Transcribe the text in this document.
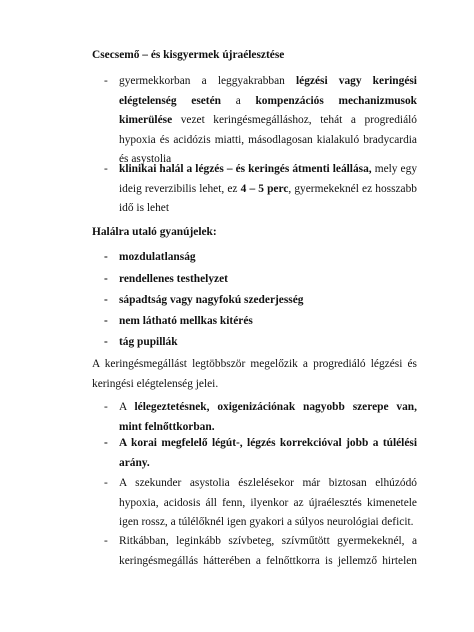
Csecsemő – és kisgyermek újraélesztése
- gyermekkorban a leggyakrabban légzési vagy keringési elégtelenség esetén a kompenzációs mechanizmusok kimerülése vezet keringésmegálláshoz, tehát a progrediáló hypoxia és acidózis miatti, másodlagosan kialakuló bradycardia és asystolia
- klinikai halál a légzés – és keringés átmenti leállása, mely egy ideig reverzibilis lehet, ez 4 – 5 perc, gyermekeknél ez hosszabb idő is lehet
Halálra utaló gyanújelek:
- mozdulatlanság
- rendellenes testhelyzet
- sápadtság vagy nagyfokú szederjesség
- nem látható mellkas kitérés
- tág pupillák
A keringésmegállást legtöbbször megelőzik a progrediáló légzési és keringési elégtelenség jelei.
- A lélegeztetésnek, oxigenizációnak nagyobb szerepe van, mint felnőttkorban.
- A korai megfelelő légút-, légzés korrekcióval jobb a túlélési arány.
- A szekunder asystolia észlelésekor már biztosan elhúzódó hypoxia, acidosis áll fenn, ilyenkor az újraélesztés kimenetele igen rossz, a túlélőknél igen gyakori a súlyos neurológiai deficit.
- Ritkábban, leginkább szívbeteg, szívműtött gyermekeknél, a keringésmegállás hátterében a felnőttkorra is jellemző hirtelen
